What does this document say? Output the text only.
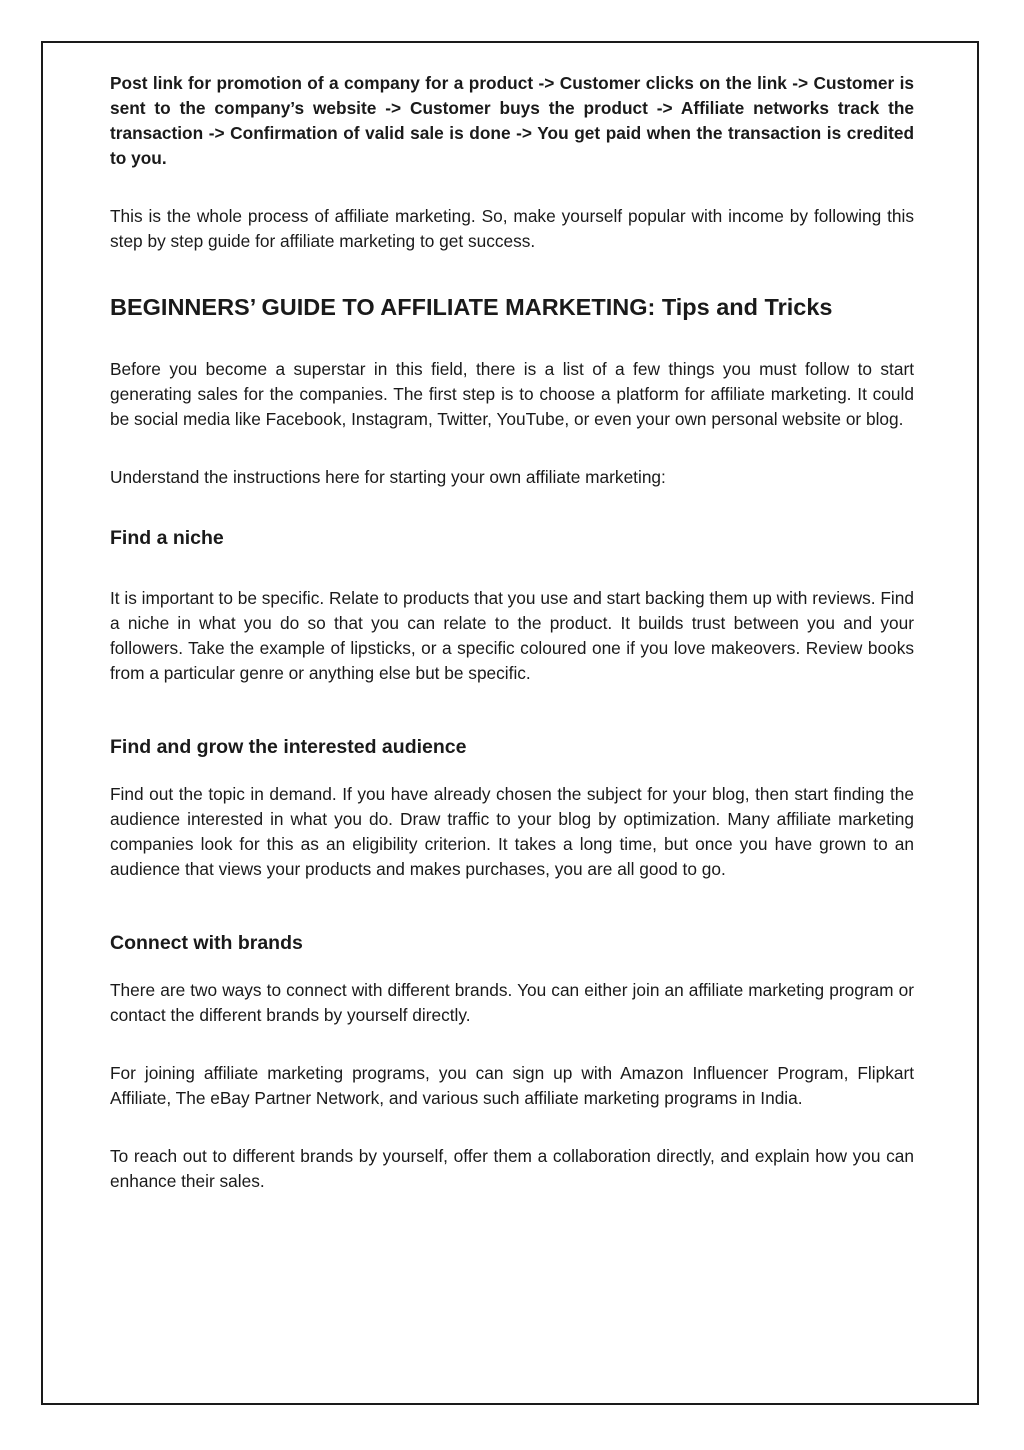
Post link for promotion of a company for a product -> Customer clicks on the link -> Customer is sent to the company’s website -> Customer buys the product -> Affiliate networks track the transaction -> Confirmation of valid sale is done -> You get paid when the transaction is credited to you.

This is the whole process of affiliate marketing. So, make yourself popular with income by following this step by step guide for affiliate marketing to get success.

BEGINNERS’ GUIDE TO AFFILIATE MARKETING: Tips and Tricks

Before you become a superstar in this field, there is a list of a few things you must follow to start generating sales for the companies. The first step is to choose a platform for affiliate marketing. It could be social media like Facebook, Instagram, Twitter, YouTube, or even your own personal website or blog.

Understand the instructions here for starting your own affiliate marketing:

Find a niche

It is important to be specific. Relate to products that you use and start backing them up with reviews. Find a niche in what you do so that you can relate to the product. It builds trust between you and your followers. Take the example of lipsticks, or a specific coloured one if you love makeovers. Review books from a particular genre or anything else but be specific.

Find and grow the interested audience

Find out the topic in demand. If you have already chosen the subject for your blog, then start finding the audience interested in what you do. Draw traffic to your blog by optimization. Many affiliate marketing companies look for this as an eligibility criterion. It takes a long time, but once you have grown to an audience that views your products and makes purchases, you are all good to go.

Connect with brands

There are two ways to connect with different brands. You can either join an affiliate marketing program or contact the different brands by yourself directly.

For joining affiliate marketing programs, you can sign up with Amazon Influencer Program, Flipkart Affiliate, The eBay Partner Network, and various such affiliate marketing programs in India.

To reach out to different brands by yourself, offer them a collaboration directly, and explain how you can enhance their sales.
